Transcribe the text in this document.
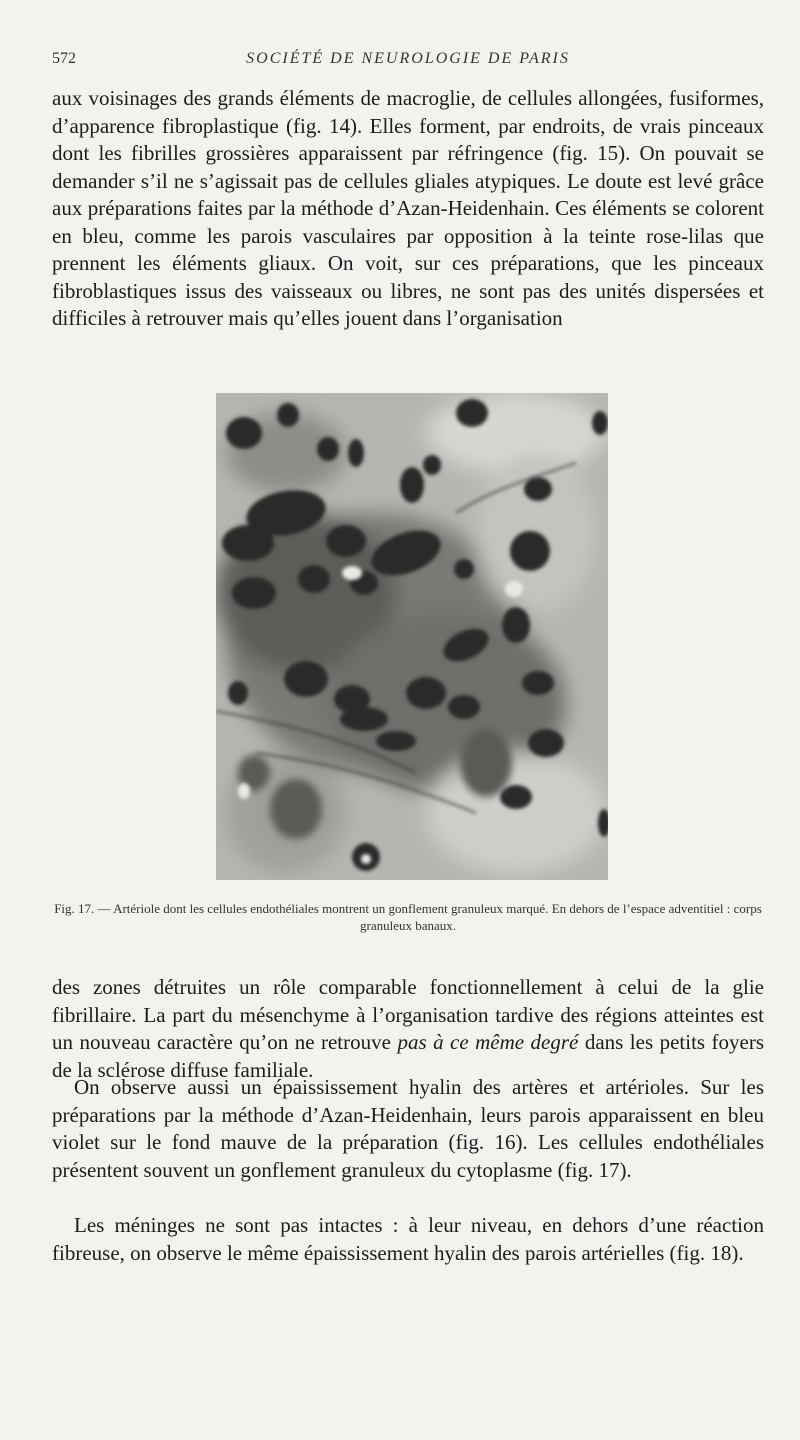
572	SOCIÉTÉ DE NEUROLOGIE DE PARIS

aux voisinages des grands éléments de macroglie, de cellules allongées, fusiformes, d’apparence fibroplastique (fig. 14). Elles forment, par endroits, de vrais pinceaux dont les fibrilles grossières apparaissent par réfringence (fig. 15). On pouvait se demander s’il ne s’agissait pas de cellules gliales atypiques. Le doute est levé grâce aux préparations faites par la méthode d’Azan-Heidenhain. Ces éléments se colorent en bleu, comme les parois vasculaires par opposition à la teinte rose-lilas que prennent les éléments gliaux. On voit, sur ces préparations, que les pinceaux fibroblastiques issus des vaisseaux ou libres, ne sont pas des unités dispersées et difficiles à retrouver mais qu’elles jouent dans l’organisation

Fig. 17. — Artériole dont les cellules endothéliales montrent un gonflement granuleux marqué. En dehors de l’espace adventitiel : corps granuleux banaux.

des zones détruites un rôle comparable fonctionnellement à celui de la glie fibrillaire. La part du mésenchyme à l’organisation tardive des régions atteintes est un nouveau caractère qu’on ne retrouve pas à ce même degré dans les petits foyers de la sclérose diffuse familiale.

On observe aussi un épaississement hyalin des artères et artérioles. Sur les préparations par la méthode d’Azan-Heidenhain, leurs parois apparaissent en bleu violet sur le fond mauve de la préparation (fig. 16). Les cellules endothéliales présentent souvent un gonflement granuleux du cytoplasme (fig. 17).

Les méninges ne sont pas intactes : à leur niveau, en dehors d’une réaction fibreuse, on observe le même épaississement hyalin des parois artérielles (fig. 18).
